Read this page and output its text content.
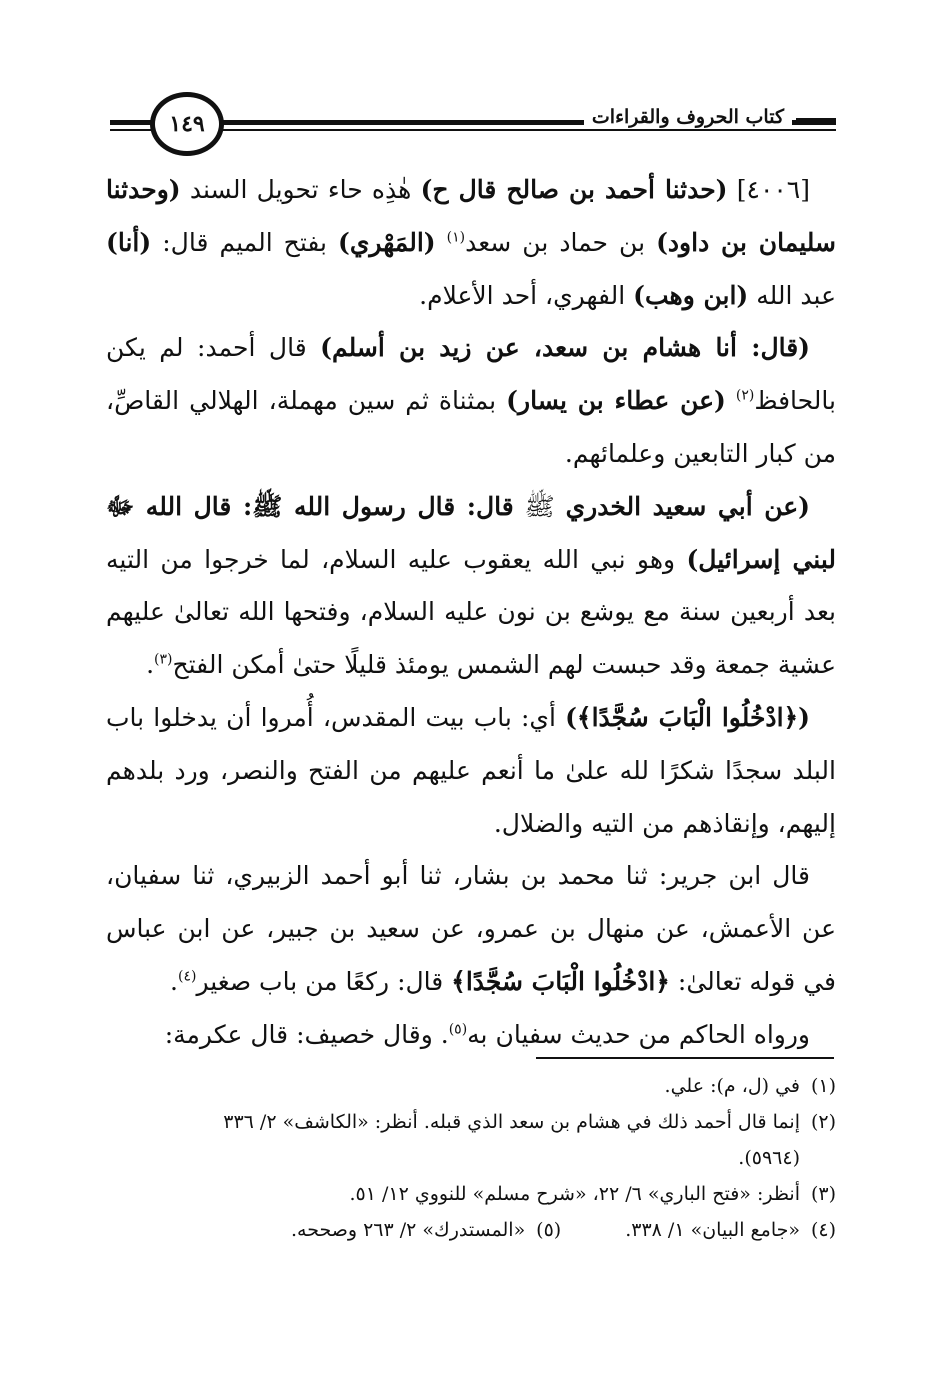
كتاب الحروف والقراءات
١٤٩

[٤٠٠٦] (حدثنا أحمد بن صالح قال ح) هٰذِه حاء تحويل السند (وحدثنا سليمان بن داود) بن حماد بن سعد$^{(١)}$ (المَهْري) بفتح الميم قال: (أنا) عبد الله (ابن وهب) الفهري، أحد الأعلام.

(قال: أنا هشام بن سعد، عن زيد بن أسلم) قال أحمد: لم يكن بالحافظ$^{(٢)}$ (عن عطاء بن يسار) بمثناة ثم سين مهملة، الهلالي القاصِّ، من كبار التابعين وعلمائهم.

(عن أبي سعيد الخدري ﷺ قال: قال رسول الله ﷺ: قال الله ﷻ لبني إسرائيل) وهو نبي الله يعقوب عليه السلام، لما خرجوا من التيه بعد أربعين سنة مع يوشع بن نون عليه السلام، وفتحها الله تعالىٰ عليهم عشية جمعة وقد حبست لهم الشمس يومئذ قليلًا حتىٰ أمكن الفتح$^{(٣)}$.

(﴿ادْخُلُوا الْبَابَ سُجَّدًا﴾) أي: باب بيت المقدس، أُمروا أن يدخلوا باب البلد سجدًا شكرًا لله علىٰ ما أنعم عليهم من الفتح والنصر، ورد بلدهم إليهم، وإنقاذهم من التيه والضلال.

قال ابن جرير: ثنا محمد بن بشار، ثنا أبو أحمد الزبيري، ثنا سفيان، عن الأعمش، عن منهال بن عمرو، عن سعيد بن جبير، عن ابن عباس في قوله تعالىٰ: ﴿ادْخُلُوا الْبَابَ سُجَّدًا﴾ قال: ركعًا من باب صغير$^{(٤)}$.

ورواه الحاكم من حديث سفيان به$^{(٥)}$. وقال خصيف: قال عكرمة:

(١)في (ل، م): علي.

(٢)إنما قال أحمد ذلك في هشام بن سعد الذي قبله. أنظر: «الكاشف» ٢/ ٣٣٦
(٥٩٦٤).

(٣)أنظر: «فتح الباري» ٦/ ٢٢، «شرح مسلم» للنووي ١٢/ ٥١.

(٤)«جامع البيان» ١/ ٣٣٨.(٥)«المستدرك» ٢/ ٢٦٣ وصححه.
